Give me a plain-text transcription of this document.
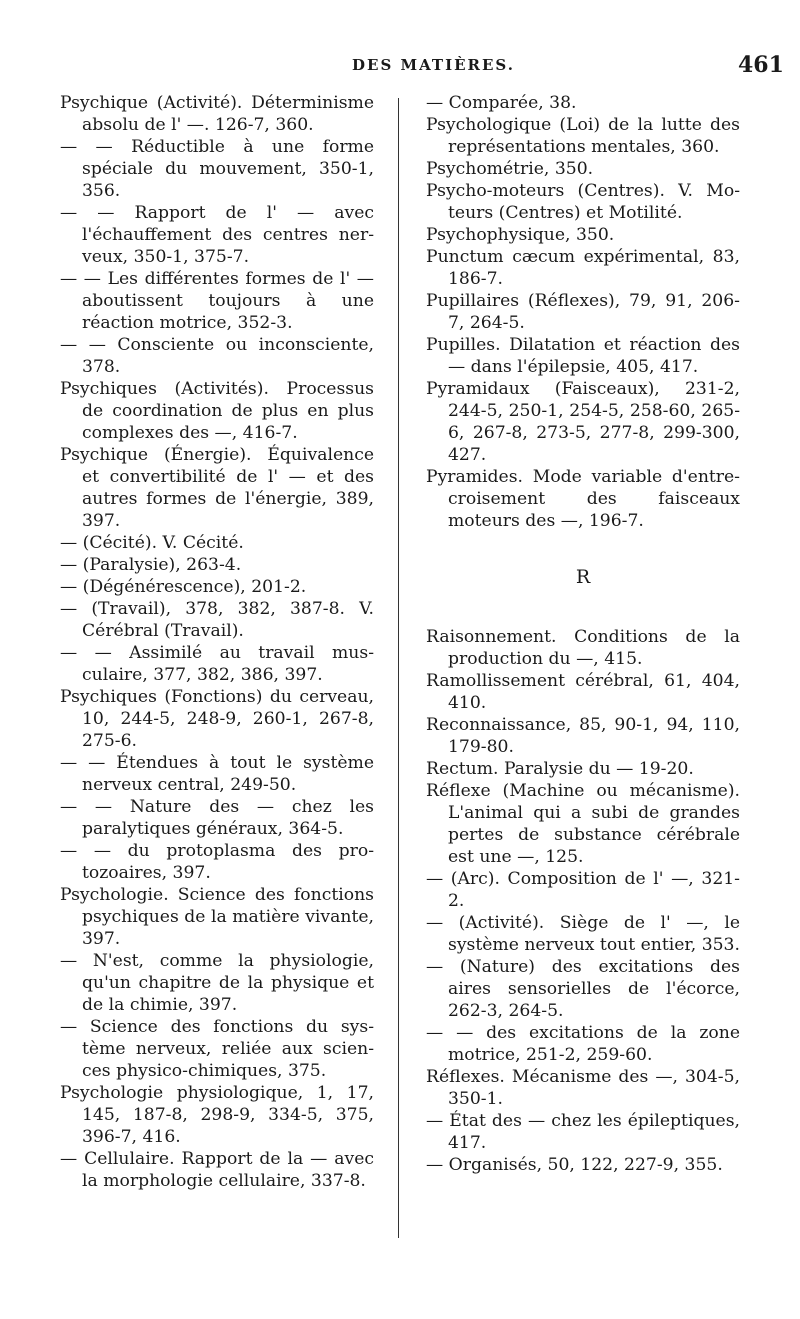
DES MATIÈRES.	461

Psychique (Activité). Déterminisme absolu de l' —. 126-7, 360.

— — Réductible à une forme spéciale du mouvement, 350-1, 356.

— — Rapport de l' — avec l'échauffement des centres nerveux, 350-1, 375-7.

— — Les différentes formes de l' — aboutissent toujours à une réaction motrice, 352-3.

— — Consciente ou inconsciente, 378.

Psychiques (Activités). Processus de coordination de plus en plus complexes des —, 416-7.

Psychique (Énergie). Équivalence et convertibilité de l' — et des autres formes de l'énergie, 389, 397.

— (Cécité). V. Cécité.

— (Paralysie), 263-4.

— (Dégénérescence), 201-2.

— (Travail), 378, 382, 387-8. V. Cérébral (Travail).

— — Assimilé au travail musculaire, 377, 382, 386, 397.

Psychiques (Fonctions) du cerveau, 10, 244-5, 248-9, 260-1, 267-8, 275-6.

— — Étendues à tout le système nerveux central, 249-50.

— — Nature des — chez les paralytiques généraux, 364-5.

— — du protoplasma des protozoaires, 397.

Psychologie. Science des fonctions psychiques de la matière vivante, 397.

— N'est, comme la physiologie, qu'un chapitre de la physique et de la chimie, 397.

— Science des fonctions du système nerveux, reliée aux sciences physico-chimiques, 375.

Psychologie physiologique, 1, 17, 145, 187-8, 298-9, 334-5, 375, 396-7, 416.

— Cellulaire. Rapport de la — avec la morphologie cellulaire, 337-8.

— Comparée, 38.

Psychologique (Loi) de la lutte des représentations mentales, 360.

Psychométrie, 350.

Psycho-moteurs (Centres). V. Moteurs (Centres) et Motilité.

Psychophysique, 350.

Punctum cæcum expérimental, 83, 186-7.

Pupillaires (Réflexes), 79, 91, 206-7, 264-5.

Pupilles. Dilatation et réaction des — dans l'épilepsie, 405, 417.

Pyramidaux (Faisceaux), 231-2, 244-5, 250-1, 254-5, 258-60, 265-6, 267-8, 273-5, 277-8, 299-300, 427.

Pyramides. Mode variable d'entre-croisement des faisceaux moteurs des —, 196-7.

R

Raisonnement. Conditions de la production du —, 415.

Ramollissement cérébral, 61, 404, 410.

Reconnaissance, 85, 90-1, 94, 110, 179-80.

Rectum. Paralysie du — 19-20.

Réflexe (Machine ou mécanisme). L'animal qui a subi de grandes pertes de substance cérébrale est une —, 125.

— (Arc). Composition de l' —, 321-2.

— (Activité). Siège de l' —, le système nerveux tout entier, 353.

— (Nature) des excitations des aires sensorielles de l'écorce, 262-3, 264-5.

— — des excitations de la zone motrice, 251-2, 259-60.

Réflexes. Mécanisme des —, 304-5, 350-1.

— État des — chez les épileptiques, 417.

— Organisés, 50, 122, 227-9, 355.
